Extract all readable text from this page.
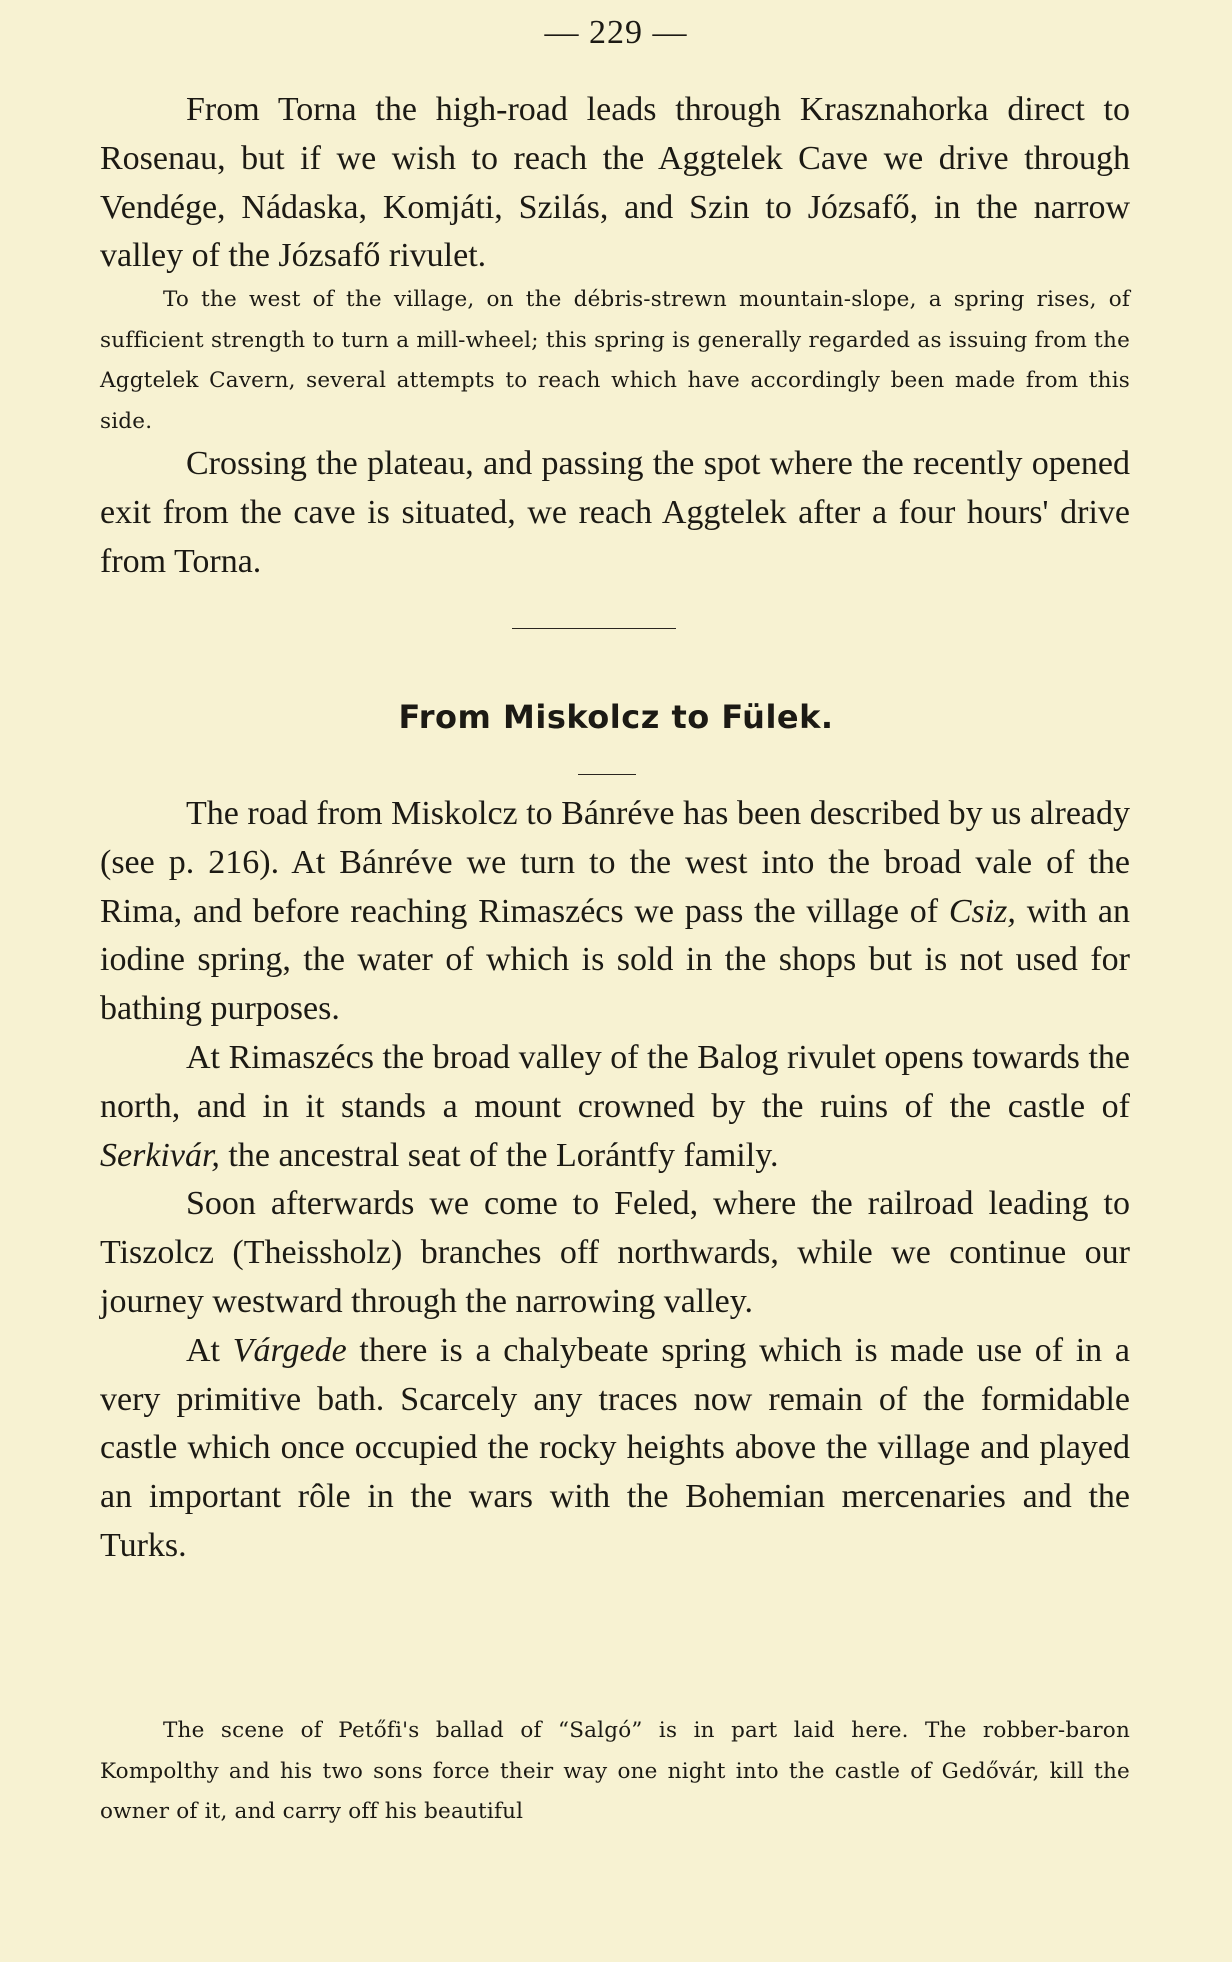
— 229 —

From Torna the high-road leads through Krasznahorka direct to Rosenau, but if we wish to reach the Aggtelek Cave we drive through Vendége, Nádaska, Komjáti, Szilás, and Szin to Józsafő, in the narrow valley of the Józsafő rivulet.

To the west of the village, on the débris-strewn mountain-slope, a spring rises, of sufficient strength to turn a mill-wheel; this spring is generally regarded as issuing from the Aggtelek Cavern, several attempts to reach which have accordingly been made from this side.

Crossing the plateau, and passing the spot where the recently opened exit from the cave is situated, we reach Aggtelek after a four hours' drive from Torna.

From Miskolcz to Fülek.

The road from Miskolcz to Bánréve has been described by us already (see p. 216). At Bánréve we turn to the west into the broad vale of the Rima, and before reaching Rimaszécs we pass the village of Csiz, with an iodine spring, the water of which is sold in the shops but is not used for bathing purposes.

At Rimaszécs the broad valley of the Balog rivulet opens towards the north, and in it stands a mount crowned by the ruins of the castle of Serkivár, the ancestral seat of the Lorántfy family.

Soon afterwards we come to Feled, where the railroad leading to Tiszolcz (Theissholz) branches off northwards, while we continue our journey westward through the narrowing valley.

At Várgede there is a chalybeate spring which is made use of in a very primitive bath. Scarcely any traces now remain of the formidable castle which once occupied the rocky heights above the village and played an important rôle in the wars with the Bohemian mercenaries and the Turks.

The scene of Petőfi's ballad of “Salgó” is in part laid here. The robber-baron Kompolthy and his two sons force their way one night into the castle of Gedővár, kill the owner of it, and carry off his beautiful
